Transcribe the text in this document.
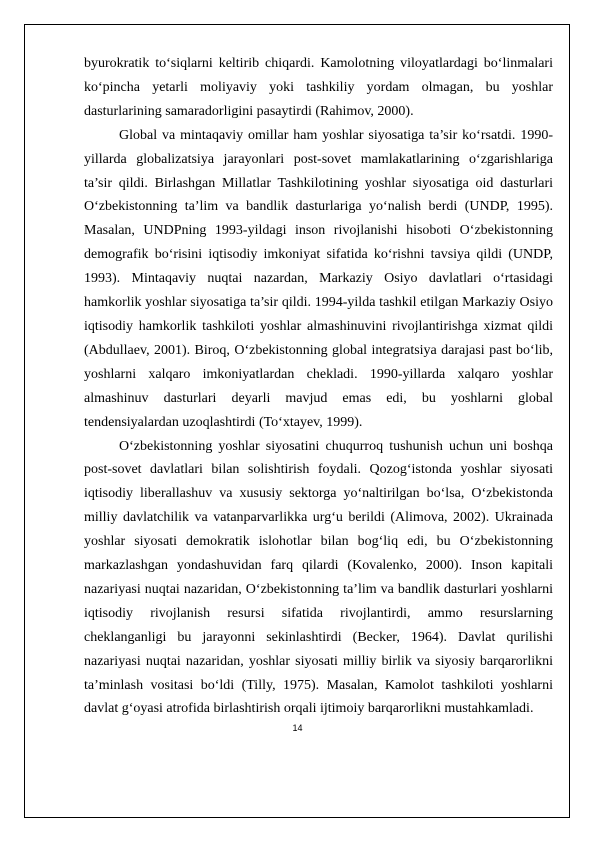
byurokratik to‘siqlarni keltirib chiqardi. Kamolotning viloyatlardagi bo‘linmalari ko‘pincha yetarli moliyaviy yoki tashkiliy yordam olmagan, bu yoshlar dasturlarining samaradorligini pasaytirdi (Rahimov, 2000).

Global va mintaqaviy omillar ham yoshlar siyosatiga ta’sir ko‘rsatdi. 1990-yillarda globalizatsiya jarayonlari post-sovet mamlakatlarining o‘zgarishlariga ta’sir qildi. Birlashgan Millatlar Tashkilotining yoshlar siyosatiga oid dasturlari O‘zbekistonning ta’lim va bandlik dasturlariga yo‘nalish berdi (UNDP, 1995). Masalan, UNDPning 1993-yildagi inson rivojlanishi hisoboti O‘zbekistonning demografik bo‘risini iqtisodiy imkoniyat sifatida ko‘rishni tavsiya qildi (UNDP, 1993). Mintaqaviy nuqtai nazardan, Markaziy Osiyo davlatlari o‘rtasidagi hamkorlik yoshlar siyosatiga ta’sir qildi. 1994-yilda tashkil etilgan Markaziy Osiyo iqtisodiy hamkorlik tashkiloti yoshlar almashinuvini rivojlantirishga xizmat qildi (Abdullaev, 2001). Biroq, O‘zbekistonning global integratsiya darajasi past bo‘lib, yoshlarni xalqaro imkoniyatlardan chekladi. 1990-yillarda xalqaro yoshlar almashinuv dasturlari deyarli mavjud emas edi, bu yoshlarni global tendensiyalardan uzoqlashtirdi (To‘xtayev, 1999).

O‘zbekistonning yoshlar siyosatini chuqurroq tushunish uchun uni boshqa post-sovet davlatlari bilan solishtirish foydali. Qozog‘istonda yoshlar siyosati iqtisodiy liberallashuv va xususiy sektorga yo‘naltirilgan bo‘lsa, O‘zbekistonda milliy davlatchilik va vatanparvarlikka urg‘u berildi (Alimova, 2002). Ukrainada yoshlar siyosati demokratik islohotlar bilan bog‘liq edi, bu O‘zbekistonning markazlashgan yondashuvidan farq qilardi (Kovalenko, 2000). Inson kapitali nazariyasi nuqtai nazaridan, O‘zbekistonning ta’lim va bandlik dasturlari yoshlarni iqtisodiy rivojlanish resursi sifatida rivojlantirdi, ammo resurslarning cheklanganligi bu jarayonni sekinlashtirdi (Becker, 1964). Davlat qurilishi nazariyasi nuqtai nazaridan, yoshlar siyosati milliy birlik va siyosiy barqarorlikni ta’minlash vositasi bo‘ldi (Tilly, 1975). Masalan, Kamolot tashkiloti yoshlarni davlat g‘oyasi atrofida birlashtirish orqali ijtimoiy barqarorlikni mustahkamladi.

14
